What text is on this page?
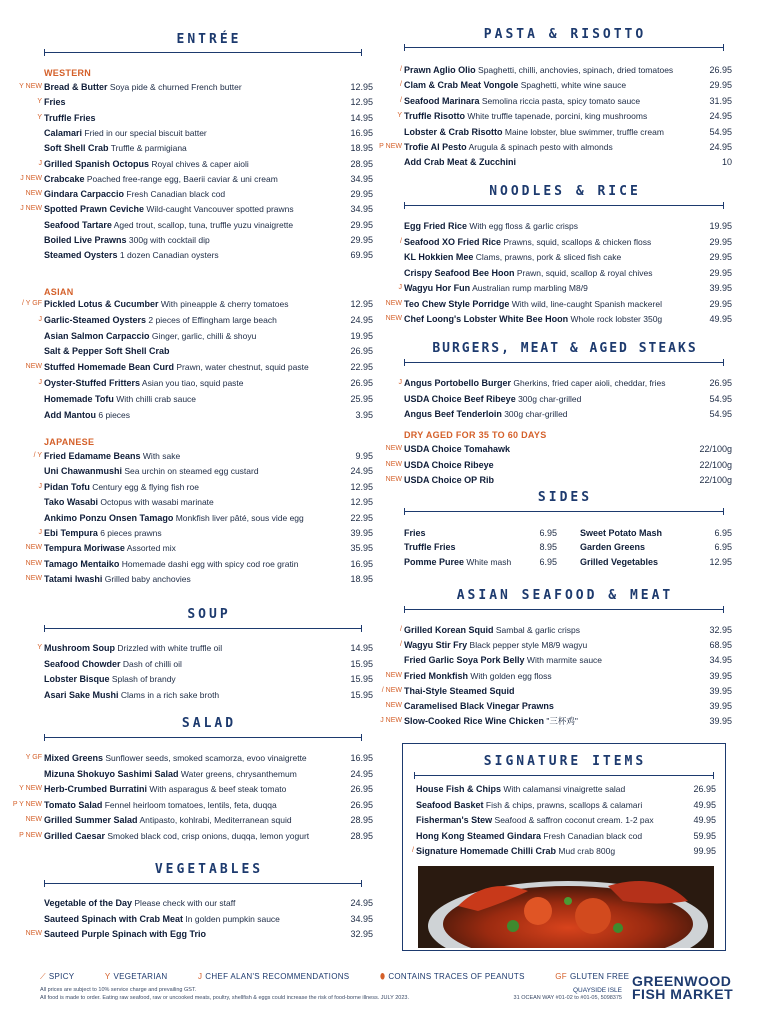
ENTRÉE
WESTERN
Y NEW Bread & Butter Soya pide & churned French butter	12.95
Y Fries	12.95
Y Truffle Fries	14.95
Calamari Fried in our special biscuit batter	16.95
Soft Shell Crab Truffle & parmigiana	18.95
J Grilled Spanish Octopus Royal chives & caper aioli	28.95
J NEW Crabcake Poached free-range egg, Baerii caviar & uni cream	34.95
NEW Gindara Carpaccio Fresh Canadian black cod	29.95
J NEW Spotted Prawn Ceviche Wild-caught Vancouver spotted prawns	34.95
Seafood Tartare Aged trout, scallop, tuna, truffle yuzu vinaigrette	29.95
Boiled Live Prawns 300g with cocktail dip	29.95
Steamed Oysters 1 dozen Canadian oysters	69.95
ASIAN
/ Y GF Pickled Lotus & Cucumber With pineapple & cherry tomatoes	12.95
J Garlic-Steamed Oysters 2 pieces of Effingham large beach	24.95
Asian Salmon Carpaccio Ginger, garlic, chilli & shoyu	19.95
Salt & Pepper Soft Shell Crab	26.95
NEW Stuffed Homemade Bean Curd Prawn, water chestnut, squid paste	22.95
J Oyster-Stuffed Fritters Asian you tiao, squid paste	26.95
Homemade Tofu With chilli crab sauce	25.95
Add Mantou 6 pieces	3.95
JAPANESE
/ Y Fried Edamame Beans With sake	9.95
Uni Chawanmushi Sea urchin on steamed egg custard	24.95
J Pidan Tofu Century egg & flying fish roe	12.95
Tako Wasabi Octopus with wasabi marinate	12.95
Ankimo Ponzu Onsen Tamago Monkfish liver pâté, sous vide egg	22.95
J Ebi Tempura 6 pieces prawns	39.95
NEW Tempura Moriwase Assorted mix	35.95
NEW Tamago Mentaiko Homemade dashi egg with spicy cod roe gratin	16.95
NEW Tatami Iwashi Grilled baby anchovies	18.95
SOUP
Y Mushroom Soup Drizzled with white truffle oil	14.95
Seafood Chowder Dash of chilli oil	15.95
Lobster Bisque Splash of brandy	15.95
Asari Sake Mushi Clams in a rich sake broth	15.95
SALAD
Y GF Mixed Greens Sunflower seeds, smoked scamorza, evoo vinaigrette	16.95
Mizuna Shokuyo Sashimi Salad Water greens, chrysanthemum	24.95
Y NEW Herb-Crumbed Burratini With asparagus & beef steak tomato	26.95
P Y NEW Tomato Salad Fennel heirloom tomatoes, lentils, feta, duqqa	26.95
NEW Grilled Summer Salad Antipasto, kohlrabi, Mediterranean squid	28.95
P NEW Grilled Caesar Smoked black cod, crisp onions, duqqa, lemon yogurt	28.95
VEGETABLES
Vegetable of the Day Please check with our staff	24.95
Sauteed Spinach with Crab Meat In golden pumpkin sauce	34.95
NEW Sauteed Purple Spinach with Egg Trio	32.95
PASTA & RISOTTO
/ Prawn Aglio Olio Spaghetti, chilli, anchovies, spinach, dried tomatoes	26.95
/ Clam & Crab Meat Vongole Spaghetti, white wine sauce	29.95
/ Seafood Marinara Semolina riccia pasta, spicy tomato sauce	31.95
Y Truffle Risotto White truffle tapenade, porcini, king mushrooms	24.95
Lobster & Crab Risotto Maine lobster, blue swimmer, truffle cream	54.95
P NEW Trofie Al Pesto Arugula & spinach pesto with almonds	24.95
Add Crab Meat & Zucchini	10
NOODLES & RICE
Egg Fried Rice With egg floss & garlic crisps	19.95
/ Seafood XO Fried Rice Prawns, squid, scallops & chicken floss	29.95
KL Hokkien Mee Clams, prawns, pork & sliced fish cake	29.95
Crispy Seafood Bee Hoon Prawn, squid, scallop & royal chives	29.95
J Wagyu Hor Fun Australian rump marbling M8/9	39.95
NEW Teo Chew Style Porridge With wild, line-caught Spanish mackerel	29.95
NEW Chef Loong's Lobster White Bee Hoon Whole rock lobster 350g	49.95
BURGERS, MEAT & AGED STEAKS
J Angus Portobello Burger Gherkins, fried caper aioli, cheddar, fries	26.95
USDA Choice Beef Ribeye 300g char-grilled	54.95
Angus Beef Tenderloin 300g char-grilled	54.95
DRY AGED FOR 35 TO 60 DAYS
NEW USDA Choice Tomahawk	22/100g
NEW USDA Choice Ribeye	22/100g
NEW USDA Choice OP Rib	22/100g
SIDES
Fries	6.95
Truffle Fries	8.95
Pomme Puree White mash	6.95
Sweet Potato Mash	6.95
Garden Greens	6.95
Grilled Vegetables	12.95
ASIAN SEAFOOD & MEAT
/ Grilled Korean Squid Sambal & garlic crisps	32.95
/ Wagyu Stir Fry Black pepper style M8/9 wagyu	68.95
Fried Garlic Soya Pork Belly With marmite sauce	34.95
NEW Fried Monkfish With golden egg floss	39.95
/ NEW Thai-Style Steamed Squid	39.95
NEW Caramelised Black Vinegar Prawns	39.95
J NEW Slow-Cooked Rice Wine Chicken "三杯鸡"	39.95
SIGNATURE ITEMS
House Fish & Chips With calamansi vinaigrette salad	26.95
Seafood Basket Fish & chips, prawns, scallops & calamari	49.95
Fisherman's Stew Seafood & saffron coconut cream. 1-2 pax	49.95
Hong Kong Steamed Gindara Fresh Canadian black cod	59.95
/ Signature Homemade Chilli Crab Mud crab 800g	99.95
⟋ SPICY	Y VEGETARIAN	J CHEF ALAN'S RECOMMENDATIONS	⬮ CONTAINS TRACES OF PEANUTS	GF GLUTEN FREE
All prices are subject to 10% service charge and prevailing GST.
All food is made to order. Eating raw seafood, raw or uncooked meats, poultry, shellfish & eggs could increase the risk of food-borne illness. JULY 2023.
QUAYSIDE ISLE
31 OCEAN WAY #01-02 to #01-05, 5098375
GREENWOOD
FISH MARKET
